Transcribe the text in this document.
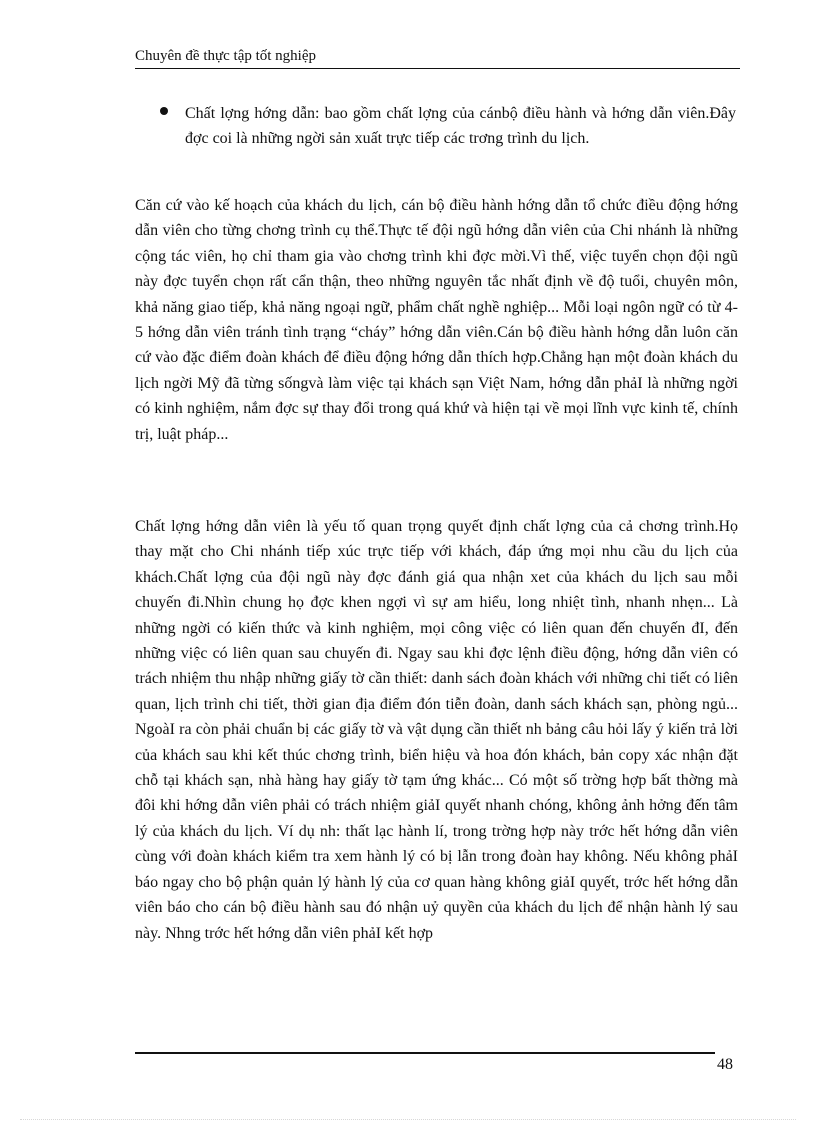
Chuyên đề thực tập tốt nghiệp
Chất lợng hớng dẫn: bao gồm chất lợng của cánbộ điều hành và hớng dẫn viên.Đây đợc coi là những ngời sản xuất trực tiếp các trơng trình du lịch.

Căn cứ vào kế hoạch của khách du lịch, cán bộ điều hành hớng dẫn tổ chức điều động hớng dẫn viên cho từng chơng trình cụ thể.Thực tế đội ngũ hớng dẫn viên của Chi nhánh là những cộng tác viên, họ chỉ tham gia vào chơng trình khi đợc mời.Vì thế, việc tuyển chọn đội ngũ này đợc tuyển chọn rất cẩn thận, theo những nguyên tắc nhất định về độ tuổi, chuyên môn, khả năng giao tiếp, khả năng ngoại ngữ, phẩm chất nghề nghiệp... Mỗi loại ngôn ngữ có từ 4-5 hớng dẫn viên tránh tình trạng “cháy” hớng dẫn viên.Cán bộ điều hành hớng dẫn luôn căn cứ vào đặc điểm đoàn khách để điều động hớng dẫn thích hợp.Chẳng hạn một đoàn khách du lịch ngời Mỹ đã từng sốngvà làm việc tại khách sạn Việt Nam, hớng dẫn phảI là những ngời có kinh nghiệm, nắm đợc sự thay đổi trong quá khứ và hiện tại về mọi lĩnh vực kinh tế, chính trị, luật pháp...

Chất lợng hớng dẫn viên là yếu tố quan trọng quyết định chất lợng của cả chơng trình.Họ thay mặt cho Chi nhánh tiếp xúc trực tiếp với khách, đáp ứng mọi nhu cầu du lịch của khách.Chất lợng của đội ngũ này đợc đánh giá qua nhận xet của khách du lịch sau mỗi chuyến đi.Nhìn chung họ đợc khen ngợi vì sự am hiểu, long nhiệt tình, nhanh nhẹn... Là những ngời có kiến thức và kinh nghiệm, mọi công việc có liên quan đến chuyến đI, đến những việc có liên quan sau chuyến đi. Ngay sau khi đợc lệnh điều động, hớng dẫn viên có trách nhiệm thu nhập những giấy tờ cần thiết: danh sách đoàn khách với những chi tiết có liên quan, lịch trình chi tiết, thời gian địa điểm đón tiễn đoàn, danh sách khách sạn, phòng ngủ... NgoàI ra còn phải chuẩn bị các giấy tờ và vật dụng cần thiết nh bảng câu hỏi lấy ý kiến trả lời của khách sau khi kết thúc chơng trình, biển hiệu và hoa đón khách, bản copy xác nhận đặt chỗ tại khách sạn, nhà hàng hay giấy tờ tạm ứng khác... Có một số trờng hợp bất thờng mà đôi khi hớng dẫn viên phải có trách nhiệm giảI quyết nhanh chóng, không ảnh hởng đến tâm lý của khách du lịch. Ví dụ nh: thất lạc hành lí, trong trờng hợp này trớc hết hớng dẫn viên cùng với đoàn khách kiểm tra xem hành lý có bị lẫn trong đoàn hay không. Nếu không phảI báo ngay cho bộ phận quản lý hành lý của cơ quan hàng không giảI quyết, trớc hết hớng dẫn viên báo cho cán bộ điều hành sau đó nhận uỷ quyền của khách du lịch để nhận hành lý sau này. Nhng trớc hết hớng dẫn viên phảI kết hợp

48
